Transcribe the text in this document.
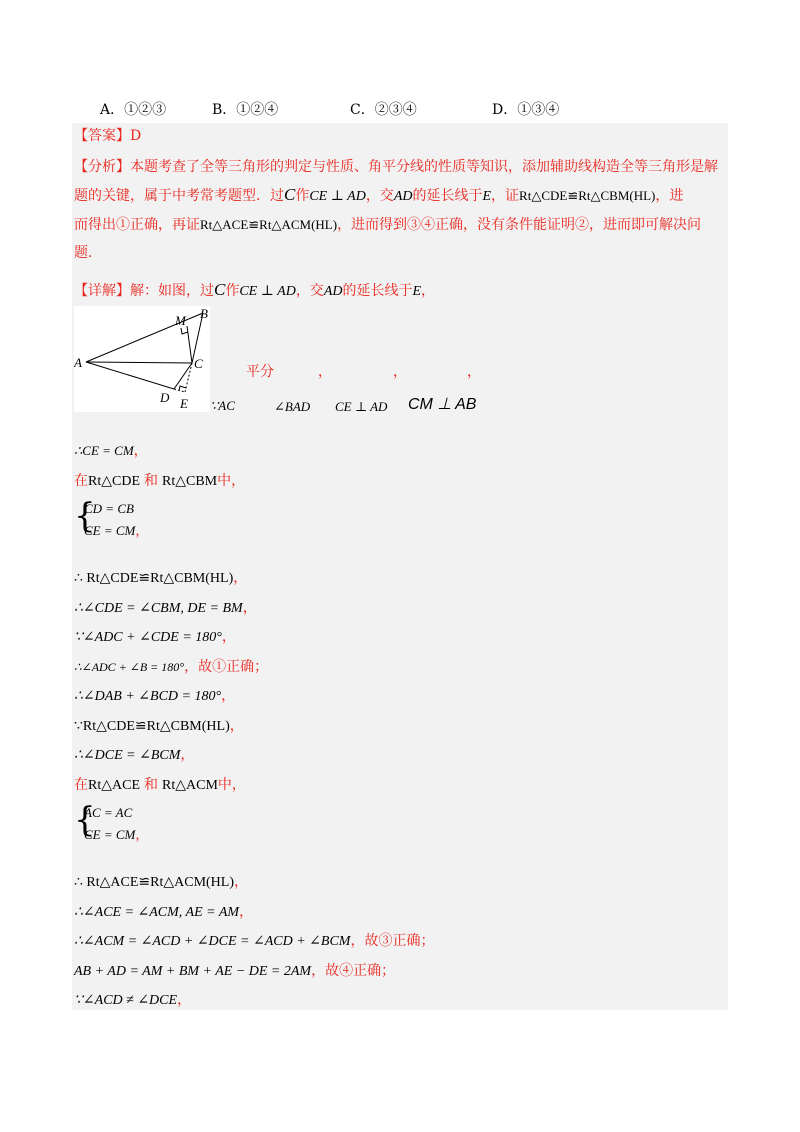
A．①②③	B．①②④	C．②③④	D．①③④
【答案】D
【分析】本题考查了全等三角形的判定与性质、角平分线的性质等知识，添加辅助线构造全等三角形是解
题的关键，属于中考常考题型．过C作CE ⊥ AD，交AD的延长线于E，证Rt△CDE≌Rt△CBM(HL)，进
而得出①正确，再证Rt△ACE≌Rt△ACM(HL)，进而得到③④正确，没有条件能证明②，进而即可解决问
题．
【详解】解：如图，过C作CE ⊥ AD，交AD的延长线于E，
A
B
C
D E
M
平分	，	，	，
∵AC	∠BAD CE ⊥ AD CM ⊥ AB
∴CE = CM，
在Rt△CDE 和 Rt△CBM中，
{
CD = CB
CE = CM，
∴ Rt△CDE≌Rt△CBM(HL)，
∴∠CDE = ∠CBM, DE = BM，
∵∠ADC + ∠CDE = 180°，
∴∠ADC + ∠B = 180°，故①正确；
∴∠DAB + ∠BCD = 180°，
∵Rt△CDE≌Rt△CBM(HL)，
∴∠DCE = ∠BCM，
在Rt△ACE 和 Rt△ACM中，
{
AC = AC
CE = CM，
∴ Rt△ACE≌Rt△ACM(HL)，
∴∠ACE = ∠ACM, AE = AM，
∴∠ACM = ∠ACD + ∠DCE = ∠ACD + ∠BCM，故③正确；
AB + AD = AM + BM + AE − DE = 2AM，故④正确；
∵∠ACD ≠ ∠DCE，
